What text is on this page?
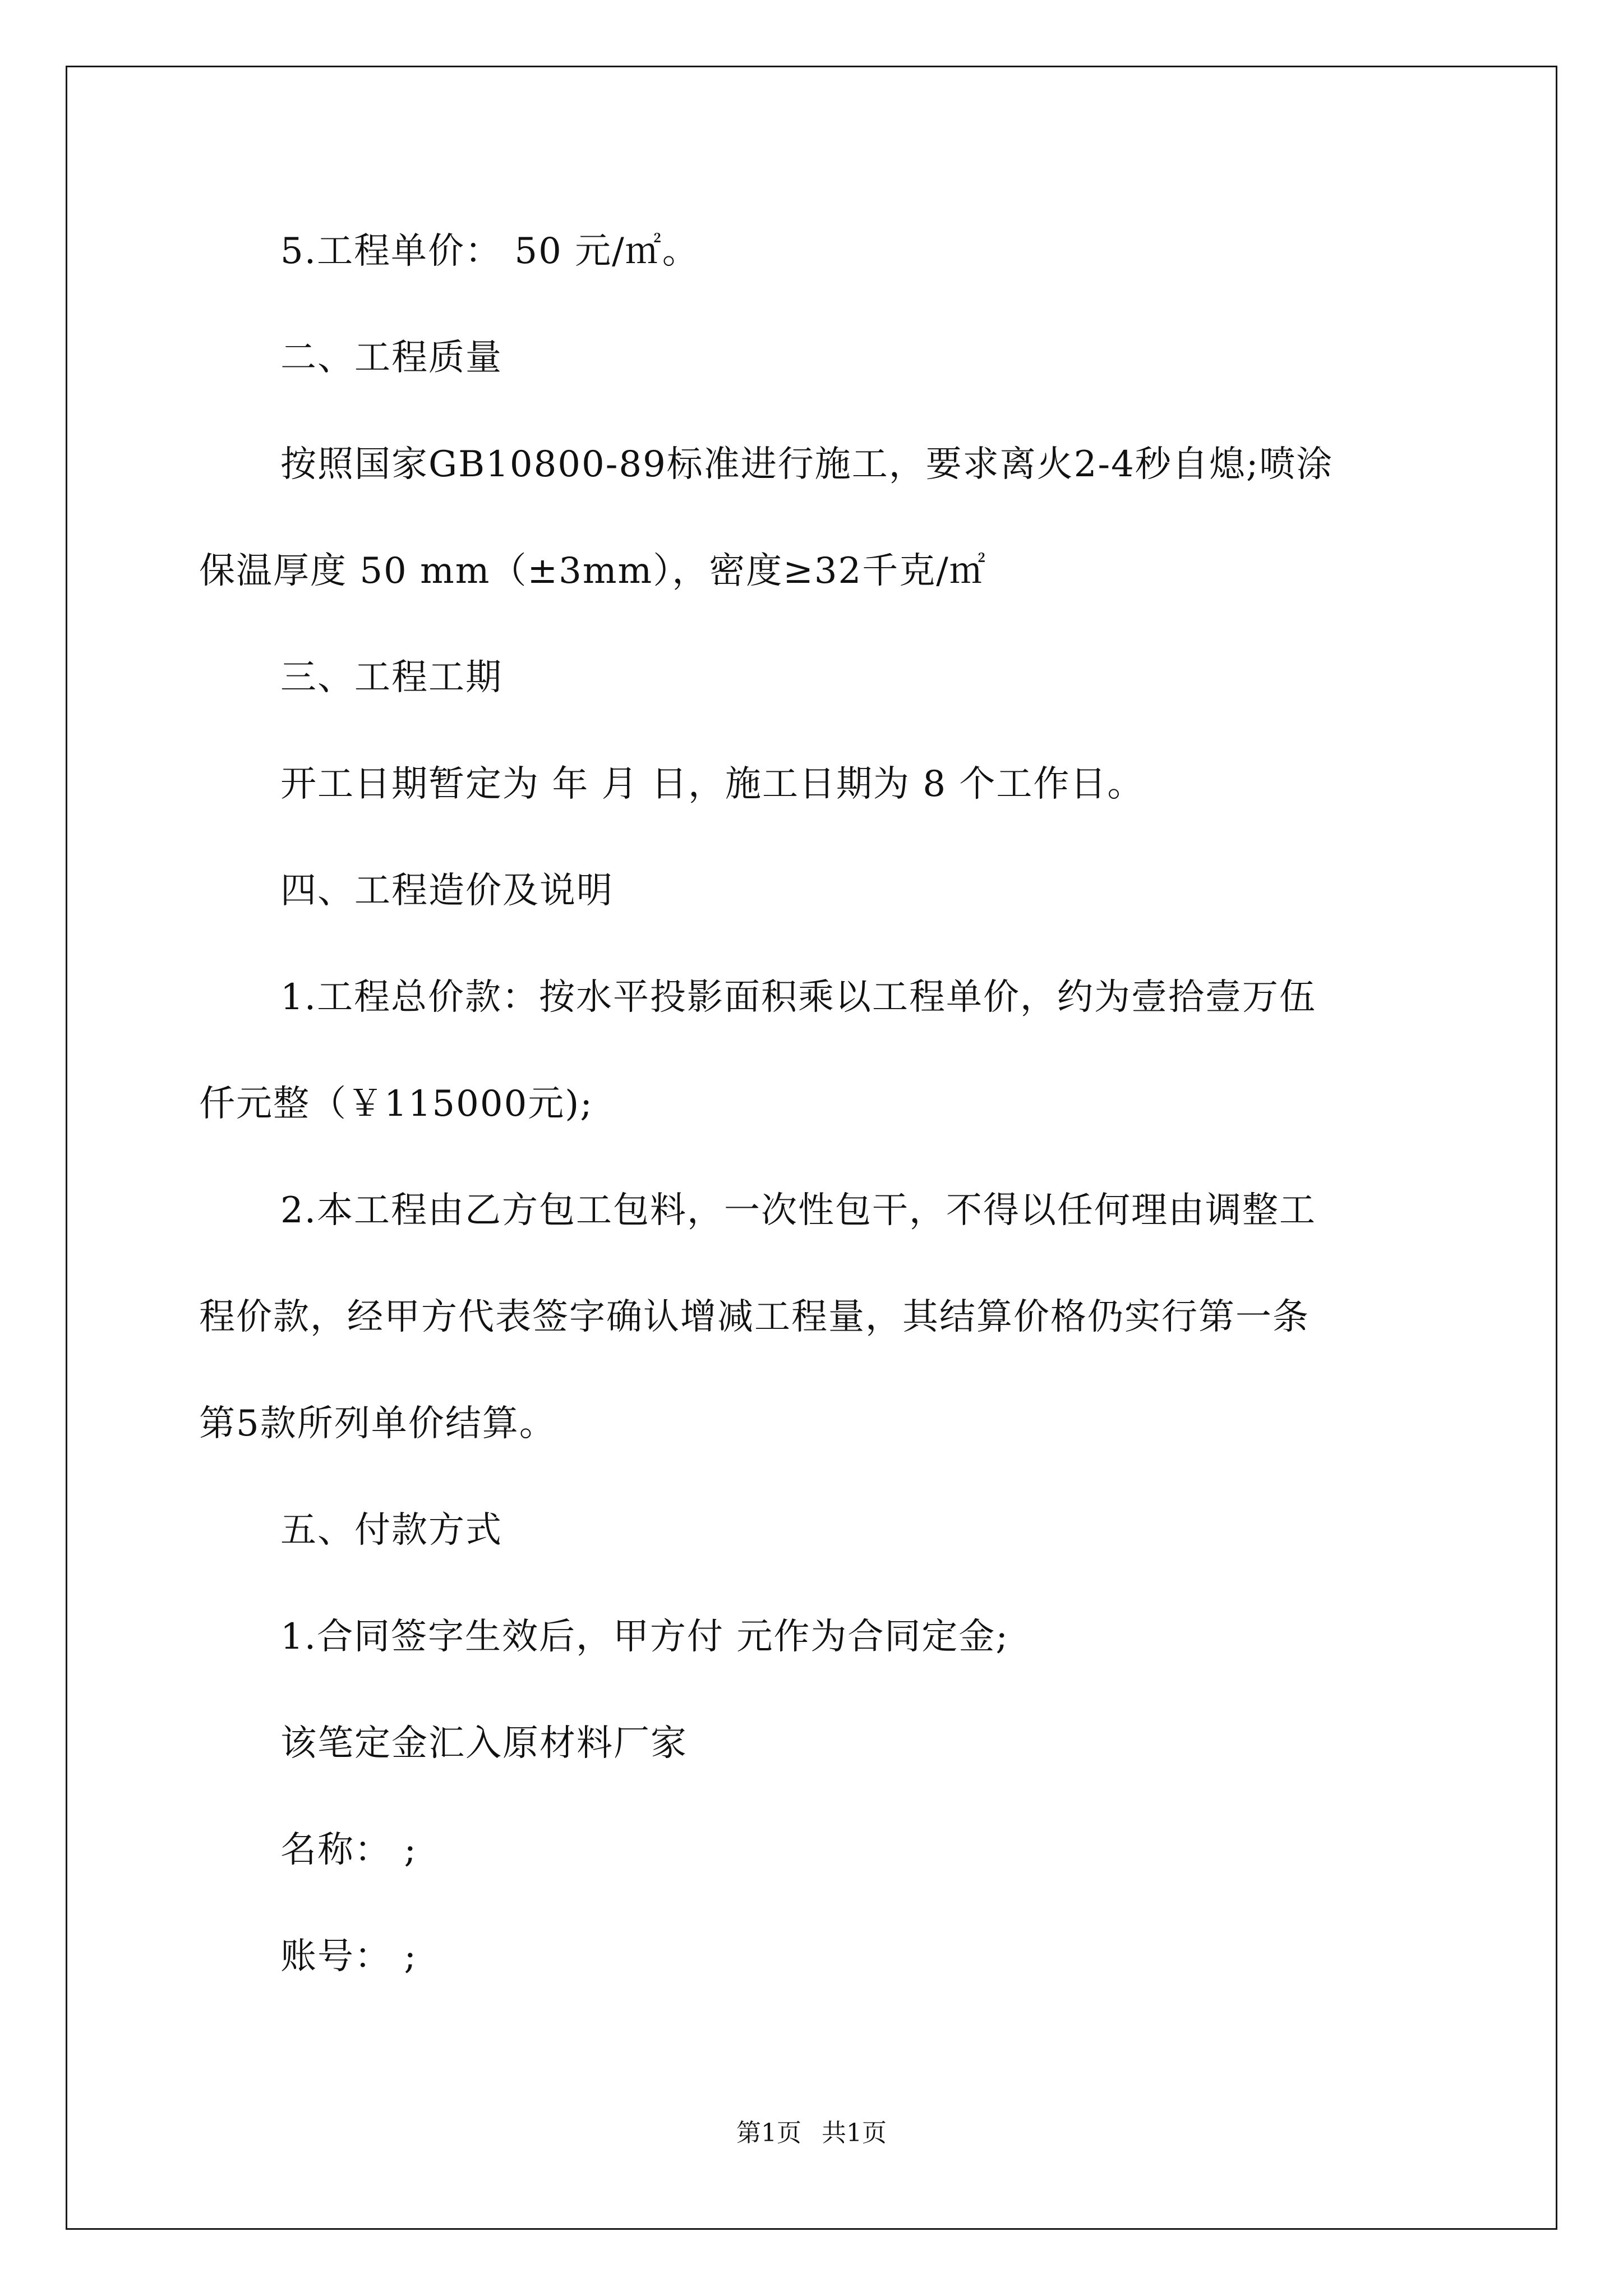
5.工程单价： 50 元/㎡。
二、工程质量
按照国家GB10800-89标准进行施工，要求离火2-4秒自熄;喷涂
保温厚度 50 mm（±3mm），密度≥32千克/㎡
三、工程工期
开工日期暂定为 年 月 日，施工日期为 8 个工作日。
四、工程造价及说明
1.工程总价款：按水平投影面积乘以工程单价，约为壹拾壹万伍
仟元整（￥115000元);
2.本工程由乙方包工包料，一次性包干，不得以任何理由调整工
程价款，经甲方代表签字确认增减工程量，其结算价格仍实行第一条
第5款所列单价结算。
五、付款方式
1.合同签字生效后，甲方付 元作为合同定金;
该笔定金汇入原材料厂家
名称： ;
账号： ;
第1页 共1页
